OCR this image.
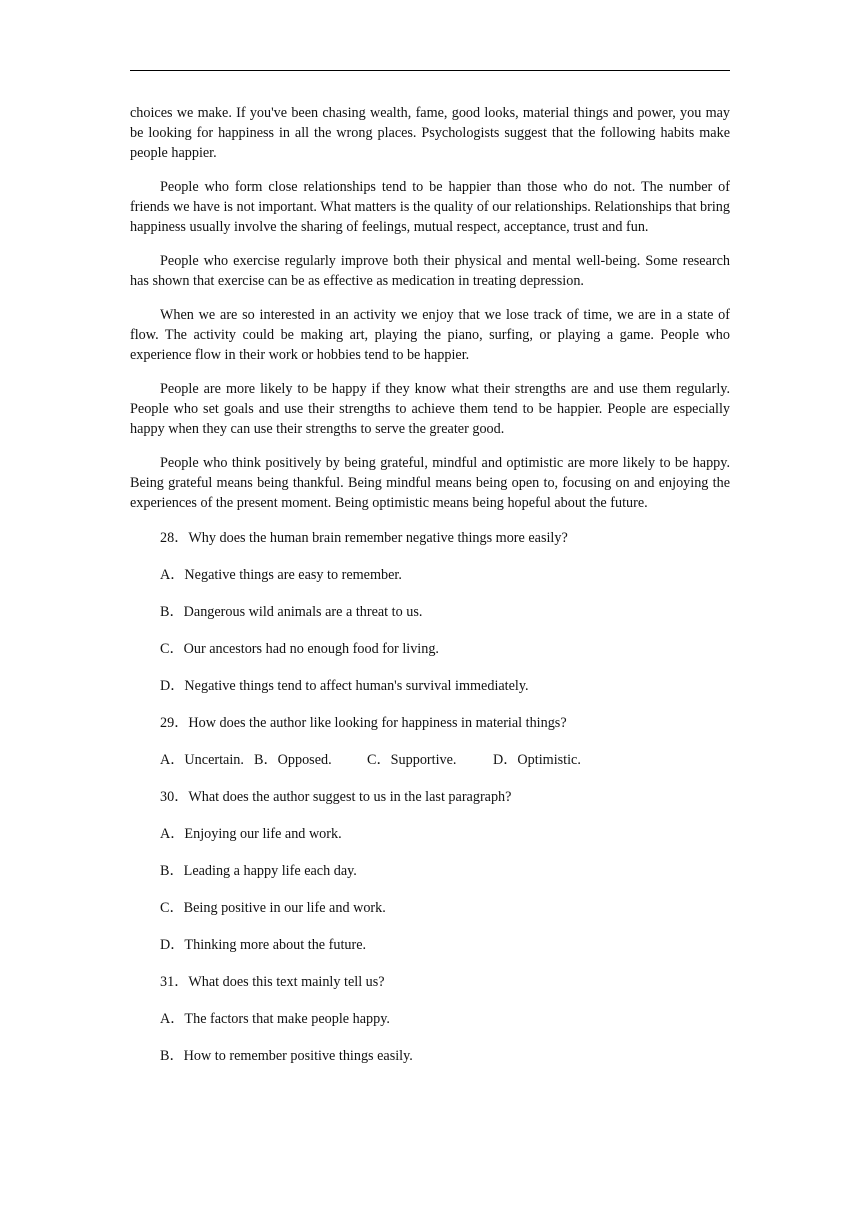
choices we make. If you've been chasing wealth, fame, good looks, material things and power, you may be looking for happiness in all the wrong places. Psychologists suggest that the following habits make people happier.

People who form close relationships tend to be happier than those who do not. The number of friends we have is not important. What matters is the quality of our relationships. Relationships that bring happiness usually involve the sharing of feelings, mutual respect, acceptance, trust and fun.

People who exercise regularly improve both their physical and mental well-being. Some research has shown that exercise can be as effective as medication in treating depression.

When we are so interested in an activity we enjoy that we lose track of time, we are in a state of flow. The activity could be making art, playing the piano, surfing, or playing a game. People who experience flow in their work or hobbies tend to be happier.

People are more likely to be happy if they know what their strengths are and use them regularly. People who set goals and use their strengths to achieve them tend to be happier. People are especially happy when they can use their strengths to serve the greater good.

People who think positively by being grateful, mindful and optimistic are more likely to be happy. Being grateful means being thankful. Being mindful means being open to, focusing on and enjoying the experiences of the present moment. Being optimistic means being hopeful about the future.

28．Why does the human brain remember negative things more easily?

A．Negative things are easy to remember.

B．Dangerous wild animals are a threat to us.

C．Our ancestors had no enough food for living.

D．Negative things tend to affect human's survival immediately.

29．How does the author like looking for happiness in material things?

A．Uncertain. B．Opposed.	C．Supportive.	D．Optimistic.

30．What does the author suggest to us in the last paragraph?

A．Enjoying our life and work.

B．Leading a happy life each day.

C．Being positive in our life and work.

D．Thinking more about the future.

31．What does this text mainly tell us?

A．The factors that make people happy.

B．How to remember positive things easily.
